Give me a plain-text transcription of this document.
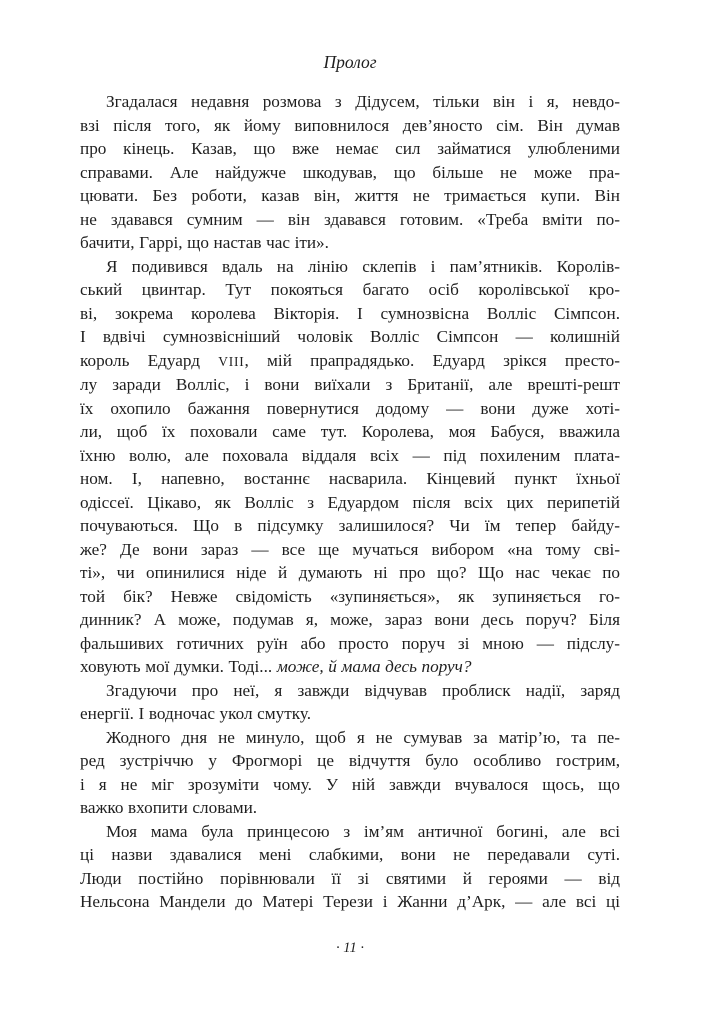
Пролог
Згадалася недавня розмова з Дідусем, тільки він і я, невдо-
взі після того, як йому виповнилося дев’яносто сім. Він думав
про кінець. Казав, що вже немає сил займатися улюбленими
справами. Але найдужче шкодував, що більше не може пра-
цювати. Без роботи, казав він, життя не тримається купи. Він
не здавався сумним — він здавався готовим. «Треба вміти по-
бачити, Гаррі, що настав час іти».
Я подивився вдаль на лінію склепів і пам’ятників. Королів-
ський цвинтар. Тут покояться багато осіб королівської кро-
ві, зокрема королева Вікторія. І сумнозвісна Волліс Сімпсон.
І вдвічі сумнозвісніший чоловік Волліс Сімпсон — колишній
король Едуард VIII, мій прапрадядько. Едуард зрікся престо-
лу заради Волліс, і вони виїхали з Британії, але врешті-решт
їх охопило бажання повернутися додому — вони дуже хоті-
ли, щоб їх поховали саме тут. Королева, моя Бабуся, вважила
їхню волю, але поховала віддаля всіх — під похиленим плата-
ном. І, напевно, востаннє насварила. Кінцевий пункт їхньої
одіссеї. Цікаво, як Волліс з Едуардом після всіх цих перипетій
почуваються. Що в підсумку залишилося? Чи їм тепер байду-
же? Де вони зараз — все ще мучаться вибором «на тому сві-
ті», чи опинилися ніде й думають ні про що? Що нас чекає по
той бік? Невже свідомість «зупиняється», як зупиняється го-
динник? А може, подумав я, може, зараз вони десь поруч? Біля
фальшивих готичних руїн або просто поруч зі мною — підслу-
ховують мої думки. Тоді... може, й мама десь поруч?
Згадуючи про неї, я завжди відчував проблиск надії, заряд
енергії. І водночас укол смутку.
Жодного дня не минуло, щоб я не сумував за матір’ю, та пе-
ред зустріччю у Фрогморі це відчуття було особливо гострим,
і я не міг зрозуміти чому. У ній завжди вчувалося щось, що
важко вхопити словами.
Моя мама була принцесою з ім’ям античної богині, але всі
ці назви здавалися мені слабкими, вони не передавали суті.
Люди постійно порівнювали її зі святими й героями — від
Нельсона Мандели до Матері Терези і Жанни д’Арк, — але всі ці
· 11 ·
